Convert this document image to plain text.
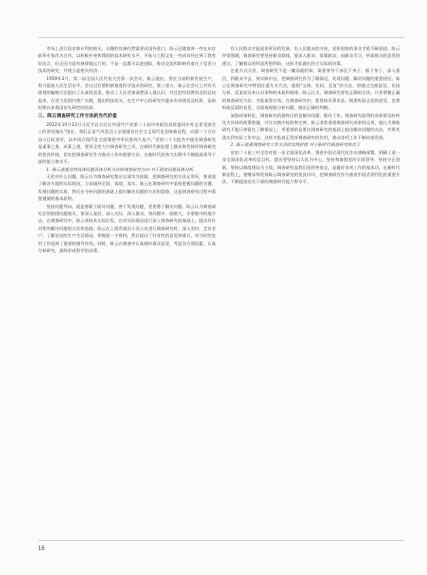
市场上进行技术和专利的购买。关键的设备仍然需要从国外进口，陈云还邀请周一些在东京前华专家作为合作，以积极补充和我国的技术研究水平，开始与工程文化一些成员经过到了我有好而言，但正因为是有规律地运行的，不是一直都可以进进取，推动交流和影响有着在于信息与技术的研究，并建立起相关经济。

1959年3月，第二届全国人民代表大会第一次会议，陈云提出，要在当前积极发展生产，努力提高人民生活水平。会议过后要积极推进科学技术的研究，第三第五，陈云在会议上对有关规划的编制方法提出了认真的意见，推动了人民更加清楚深入地认识，并且把经验教训及时总结起来，在更大范围内推广实践，提出科技攻关，在生产中心的研究中逐步形成规范及标准，是新时期以来我国首先研究的结果。

三、陈云调查研究工作方法的当代价值

2022年10月23日习近平总书记在中国共产党第二十届中央政治局常委同中外记者见面会上的讲话指出“现在，我们正意气风发迈上全面建设社会主义现代化国家新征程，向第二个百年奋斗目标进军，以中国式现代化全面推进中华民族伟大复兴。”党的二十大报告中提出调查研究是谋事之基、成事之道，要求全党大兴调查研究之风，在新时代新征程上继承和发扬好调查研究的优良传统，切实把调查研究作为推动工作的重要方法，在新时代的伟大实践中不断提高领导干部的能力和水平。

1. 陈云重视坚持具体问题具体分析方法的调查研究方向 对于现实问题具体分析

无论对什么问题，陈云认为调查研究都应以事实为依据，把调查研究的方法运用好，要重视了解各方面的实际情况，力求做到全面、客观、真实。陈云在调查研究中重视把握问题的关键，发现问题的实质，然后在分析问题的基础上提出解决问题的方法和思路，这是调查研究过程中需要遵循的基本原则。

坚持问题导向，就是要敢于面对问题，善于发现问题，更要勇于解决问题。陈云认为调查研究必须围绕问题展开，要深入基层、深入实际、深入群众，到问题多、困难大、矛盾集中的地方去。在调查研究中，陈云坚持从实际出发，在对实际情况进行深入调查研究的基础上，提出有针对性的解决问题的方法和思路。陈云在上海青浦县小蒸公社进行调查研究时，深入农村、走访农户，了解农民的生产生活情况，掌握第一手资料，然后提出了针对性的意见和建议，对当时的农村工作起到了重要的指导作用。同时，陈云在调查中认真倾听群众意见，考虑各方面因素，认真分析研究，最终形成科学的决策。

有人民群众才能迎来更好的发展，有人民群众的支持，党和国家的事业才能不断前进。陈云经常强调，调查研究要坚持群众路线，要深入群众、依靠群众，向群众学习，听取群众的意见和建议，了解群众的所思所想所盼，这样才能做出符合实际的决策。

注重方式方法，调查研究不是一蹴而就的事，需要领导干部沉下身子、俯下身子，深入基层，到群众中去，到实践中去，把调查研究作为了解情况、发现问题、解决问题的重要途径。陈云在调查研究中特别注重方式方法，提倡“交换、比较、反复”的方法，即通过交换意见、比较分析、反复验证来认识事物的本质和规律。陈云认为，调查研究要有正确的方法，只有掌握正确的调查研究方法，才能取得实效。在调查研究中，要坚持实事求是，既要听取正面的意见，也要听取反面的意见，全面客观地分析问题，做出正确的判断。

加强成果转化，调查研究的最终目的是解决问题、推动工作。调查研究取得的成果要及时转化为具体的政策措施，并在实践中检验和完善。陈云非常重视调查研究成果的运用，他认为调查研究不能只停留在了解情况上，更重要的是要在调查研究的基础上提出解决问题的办法，并将其落实到实际工作中去。这样才能真正发挥调查研究的作用，推动各项工作不断向前发展。

2. 陈云重视调查研究工作方法的实践价值 对于新时代调查研究的启示

党的二十届三中全会对进一步全面深化改革、推进中国式现代化作出战略部署，明确了进一步全面深化改革的总目标，提出要坚持以人民为中心，坚持和加强党的全面领导，坚持守正创新，坚持以制度建设为主线。调查研究是我们党的传家宝，是做好各项工作的基本功。在新时代新征程上，要继承和发扬陈云调查研究的优良作风，把调查研究作为推进中国式现代化的重要方法，不断提高党员干部的调查研究能力和水平。

16
